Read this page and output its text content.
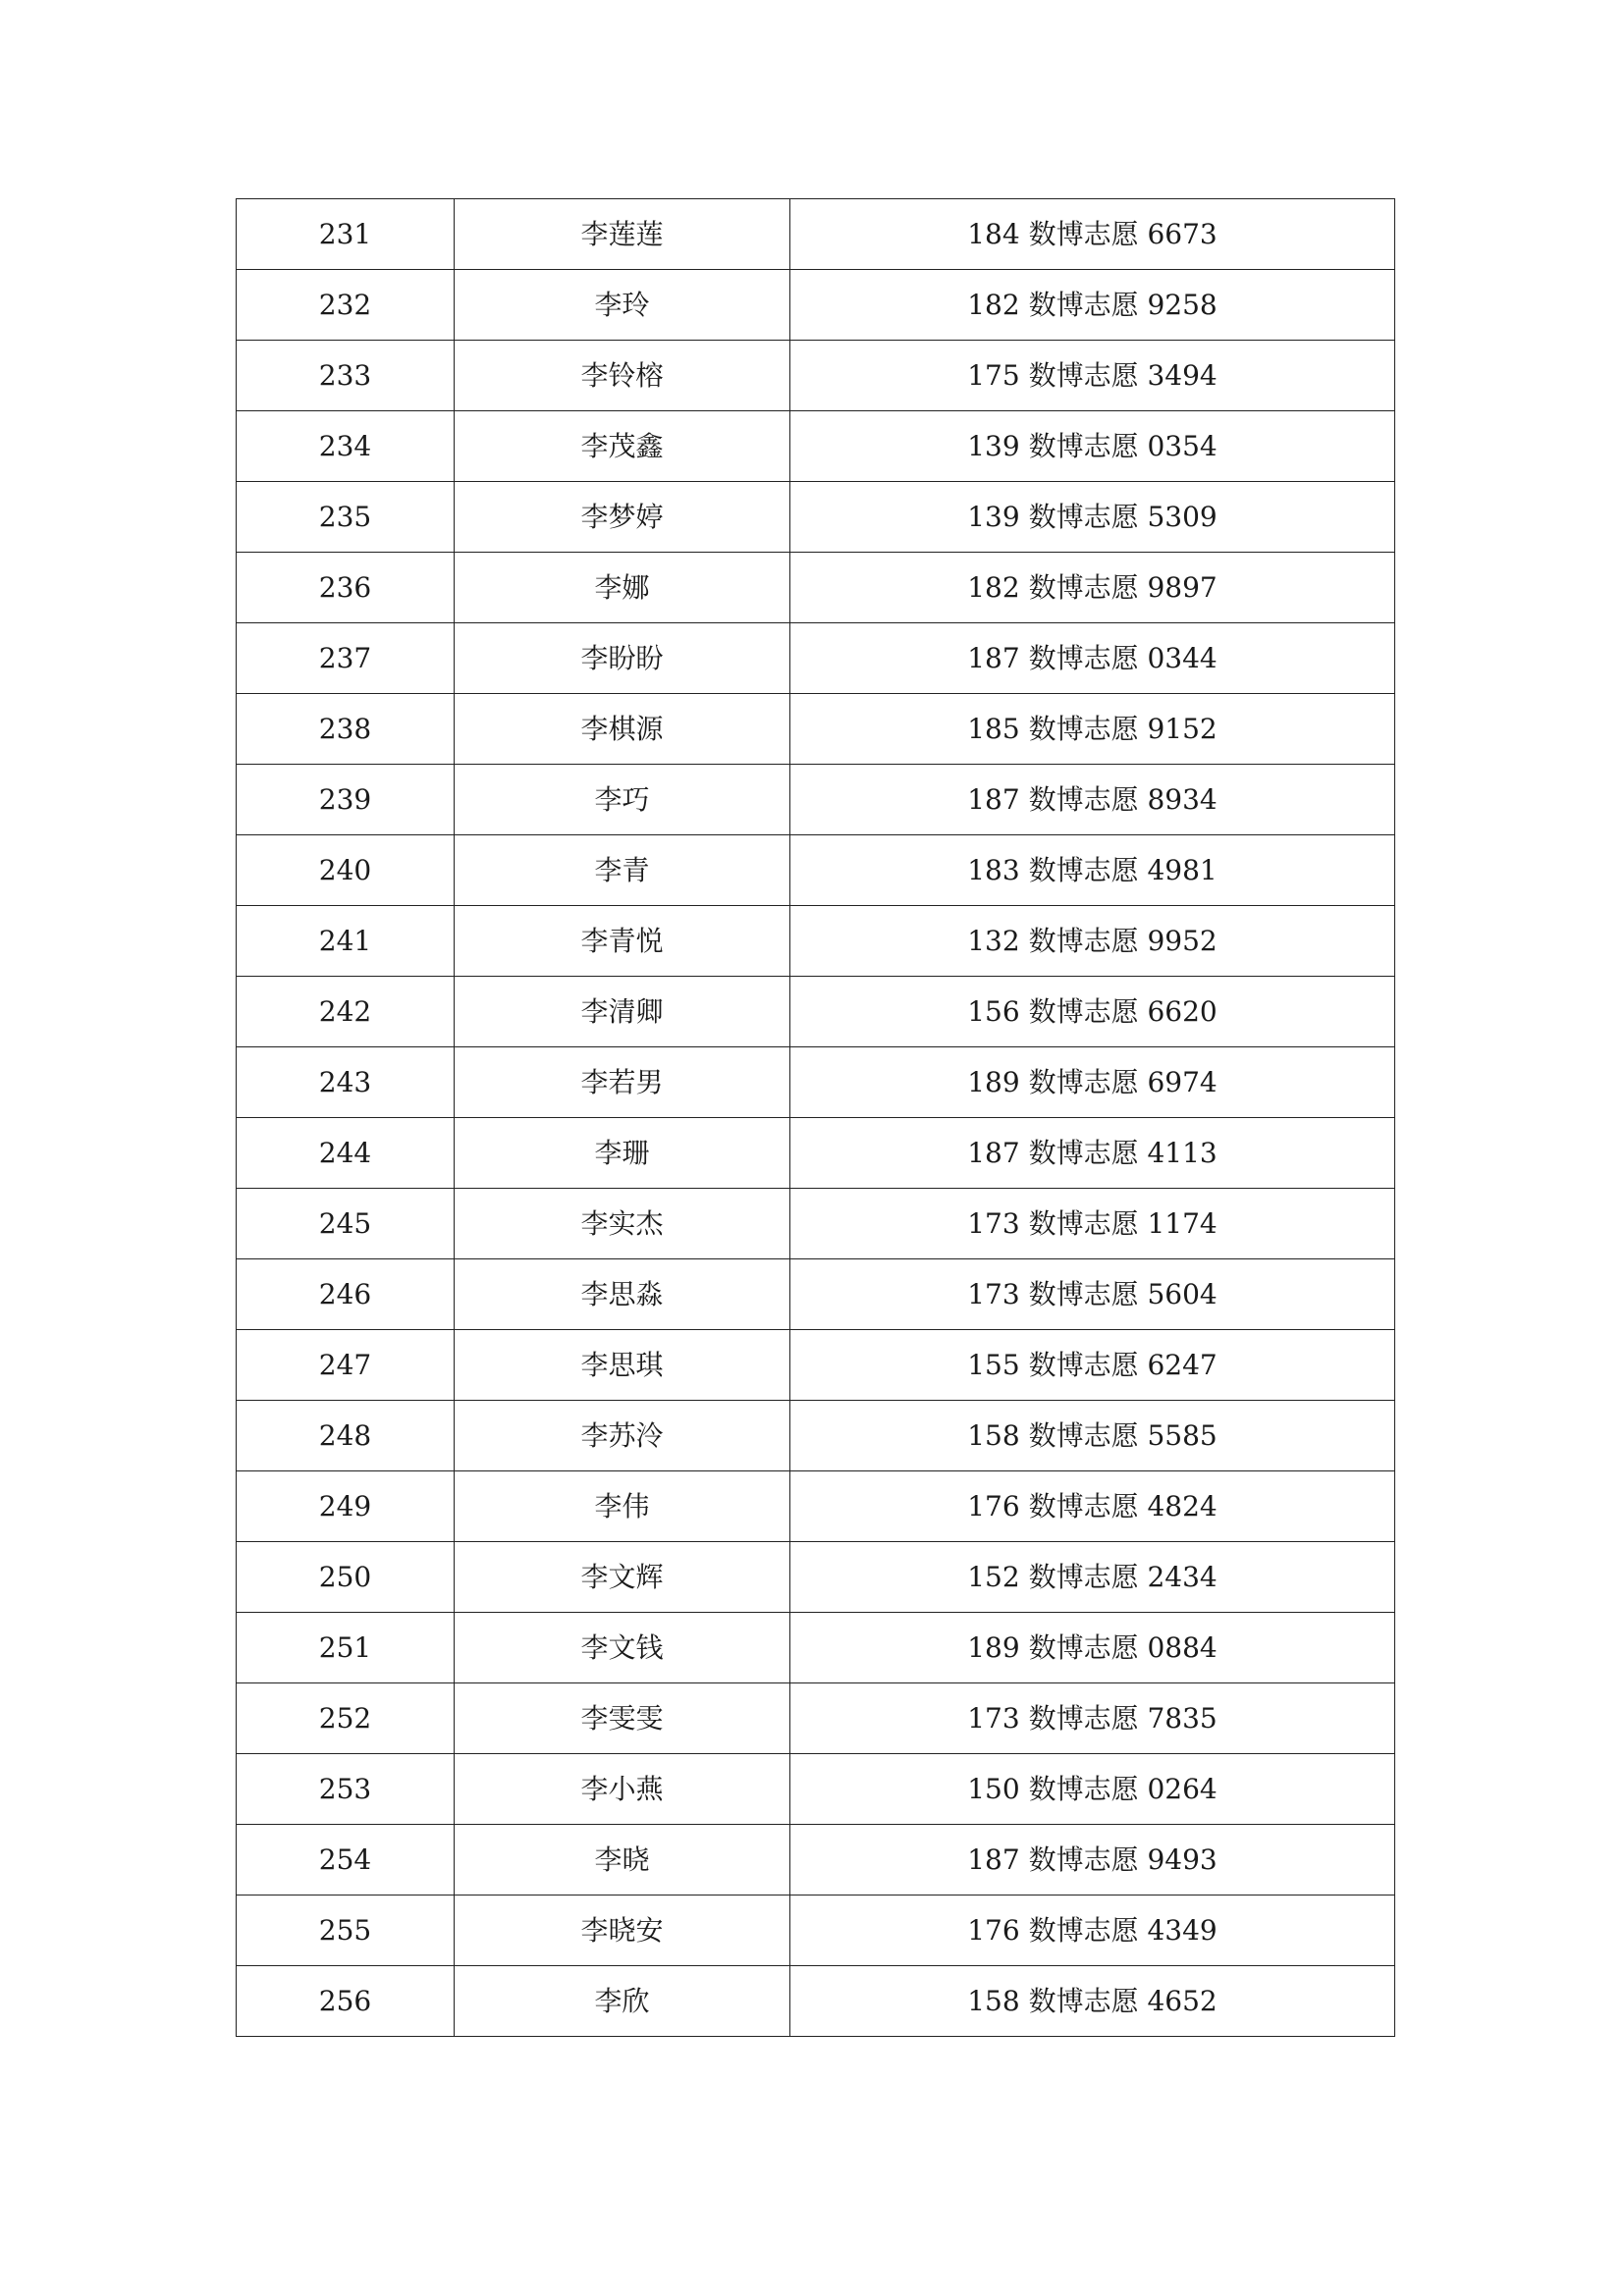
231	李莲莲	184 数博志愿 6673
232	李玲	182 数博志愿 9258
233	李铃榕	175 数博志愿 3494
234	李茂鑫	139 数博志愿 0354
235	李梦婷	139 数博志愿 5309
236	李娜	182 数博志愿 9897
237	李盼盼	187 数博志愿 0344
238	李棋源	185 数博志愿 9152
239	李巧	187 数博志愿 8934
240	李青	183 数博志愿 4981
241	李青悦	132 数博志愿 9952
242	李清卿	156 数博志愿 6620
243	李若男	189 数博志愿 6974
244	李珊	187 数博志愿 4113
245	李实杰	173 数博志愿 1174
246	李思淼	173 数博志愿 5604
247	李思琪	155 数博志愿 6247
248	李苏泠	158 数博志愿 5585
249	李伟	176 数博志愿 4824
250	李文辉	152 数博志愿 2434
251	李文钱	189 数博志愿 0884
252	李雯雯	173 数博志愿 7835
253	李小燕	150 数博志愿 0264
254	李晓	187 数博志愿 9493
255	李晓安	176 数博志愿 4349
256	李欣	158 数博志愿 4652
